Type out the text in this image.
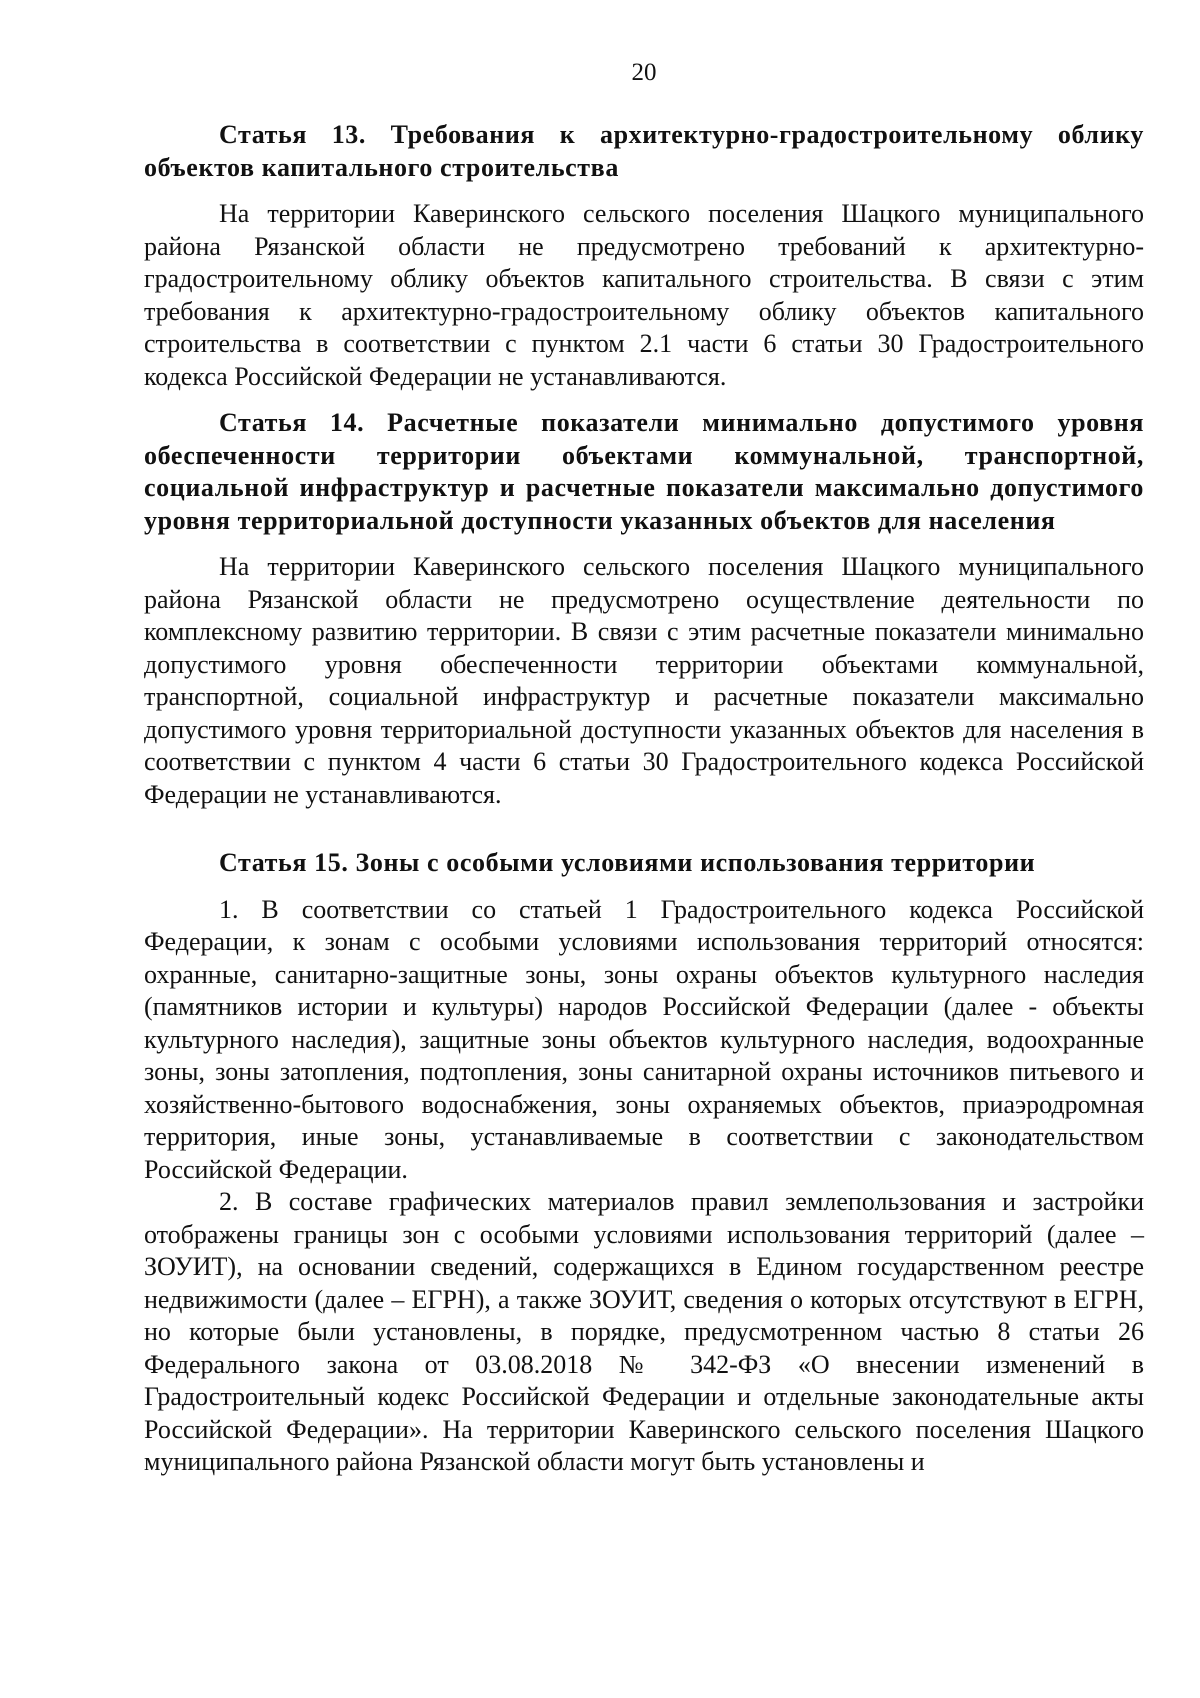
20

Статья 13. Требования к архитектурно-градостроительному облику объектов капитального строительства

На территории Каверинского сельского поселения Шацкого муниципального района Рязанской области не предусмотрено требований к архитектурно-градостроительному облику объектов капитального строительства. В связи с этим требования к архитектурно-градостроительному облику объектов капитального строительства в соответствии с пунктом 2.1 части 6 статьи 30 Градостроительного кодекса Российской Федерации не устанавливаются.

Статья 14. Расчетные показатели минимально допустимого уровня обеспеченности территории объектами коммунальной, транспортной, социальной инфраструктур и расчетные показатели максимально допустимого уровня территориальной доступности указанных объектов для населения

На территории Каверинского сельского поселения Шацкого муниципального района Рязанской области не предусмотрено осуществление деятельности по комплексному развитию территории. В связи с этим расчетные показатели минимально допустимого уровня обеспеченности территории объектами коммунальной, транспортной, социальной инфраструктур и расчетные показатели максимально допустимого уровня территориальной доступности указанных объектов для населения в соответствии с пунктом 4 части 6 статьи 30 Градостроительного кодекса Российской Федерации не устанавливаются.

Статья 15. Зоны с особыми условиями использования территории

1. В соответствии со статьей 1 Градостроительного кодекса Российской Федерации, к зонам с особыми условиями использования территорий относятся: охранные, санитарно-защитные зоны, зоны охраны объектов культурного наследия (памятников истории и культуры) народов Российской Федерации (далее - объекты культурного наследия), защитные зоны объектов культурного наследия, водоохранные зоны, зоны затопления, подтопления, зоны санитарной охраны источников питьевого и хозяйственно-бытового водоснабжения, зоны охраняемых объектов, приаэродромная территория, иные зоны, устанавливаемые в соответствии с законодательством Российской Федерации.

2. В составе графических материалов правил землепользования и застройки отображены границы зон с особыми условиями использования территорий (далее – ЗОУИТ), на основании сведений, содержащихся в Едином государственном реестре недвижимости (далее – ЕГРН), а также ЗОУИТ, сведения о которых отсутствуют в ЕГРН, но которые были установлены, в порядке, предусмотренном частью 8 статьи 26 Федерального закона от 03.08.2018 № 342-ФЗ «О внесении изменений в Градостроительный кодекс Российской Федерации и отдельные законодательные акты Российской Федерации». На территории Каверинского сельского поселения Шацкого муниципального района Рязанской области могут быть установлены и
